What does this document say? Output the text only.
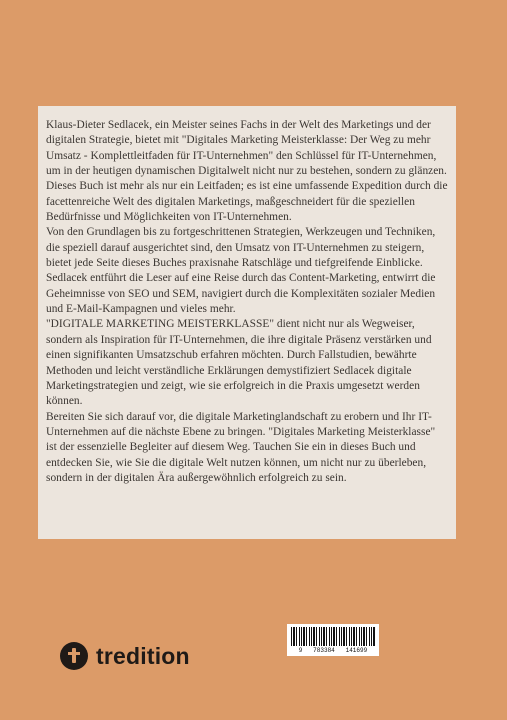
Klaus-Dieter Sedlacek, ein Meister seines Fachs in der Welt des Marketings und der digitalen Strategie, bietet mit "Digitales Marketing Meisterklasse: Der Weg zu mehr Umsatz - Komplettleitfaden für IT-Unternehmen" den Schlüssel für IT-Unternehmen, um in der heutigen dynamischen Digitalwelt nicht nur zu bestehen, sondern zu glänzen. Dieses Buch ist mehr als nur ein Leitfaden; es ist eine umfassende Expedition durch die facettenreiche Welt des digitalen Marketings, maßgeschneidert für die speziellen Bedürfnisse und Möglichkeiten von IT-Unternehmen.

Von den Grundlagen bis zu fortgeschrittenen Strategien, Werkzeugen und Techniken, die speziell darauf ausgerichtet sind, den Umsatz von IT-Unternehmen zu steigern, bietet jede Seite dieses Buches praxisnahe Ratschläge und tiefgreifende Einblicke. Sedlacek entführt die Leser auf eine Reise durch das Content-Marketing, entwirrt die Geheimnisse von SEO und SEM, navigiert durch die Komplexitäten sozialer Medien und E-Mail-Kampagnen und vieles mehr.

"DIGITALE MARKETING MEISTERKLASSE" dient nicht nur als Wegweiser, sondern als Inspiration für IT-Unternehmen, die ihre digitale Präsenz verstärken und einen signifikanten Umsatzschub erfahren möchten. Durch Fallstudien, bewährte Methoden und leicht verständliche Erklärungen demystifiziert Sedlacek digitale Marketingstrategien und zeigt, wie sie erfolgreich in die Praxis umgesetzt werden können.

Bereiten Sie sich darauf vor, die digitale Marketinglandschaft zu erobern und Ihr IT-Unternehmen auf die nächste Ebene zu bringen. "Digitales Marketing Meisterklasse" ist der essenzielle Begleiter auf diesem Weg. Tauchen Sie ein in dieses Buch und entdecken Sie, wie Sie die digitale Welt nutzen können, um nicht nur zu überleben, sondern in der digitalen Ära außergewöhnlich erfolgreich zu sein.

tredition	9   783384   141699
